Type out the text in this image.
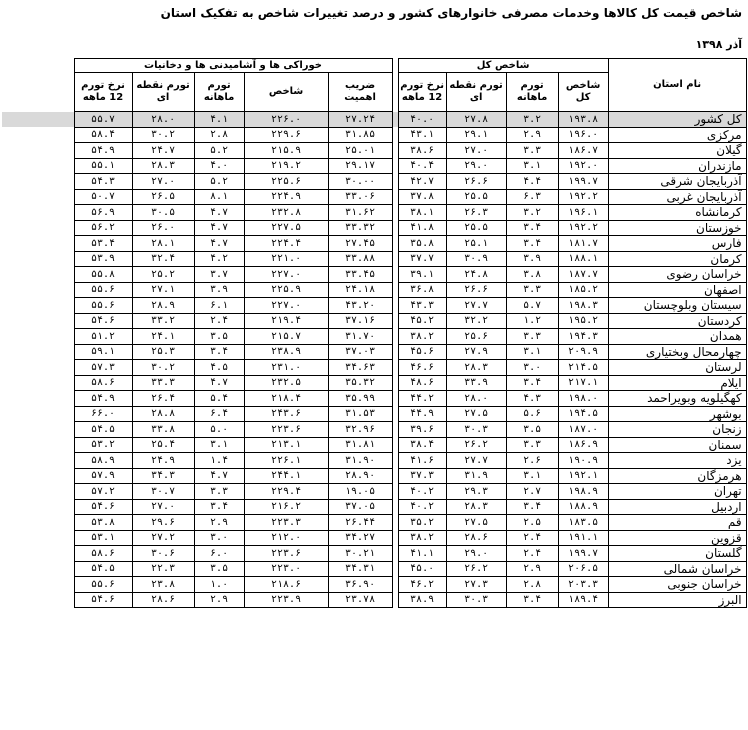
شاخص قیمت کل کالاها وخدمات مصرفی خانوارهای کشور و درصد تغییرات شاخص به تفکیک استان
آذر ۱۳۹۸
نام استان	شاخص کل					خوراکی ها و آشامیدنی ها و دخانیات					
	شاخص کل	تورم ماهانه	تورم نقطه ای	نرخ تورم 12 ماهه		ضریب اهمیت	شاخص	تورم ماهانه	تورم نقطه ای	نرخ تورم 12 ماهه	
کل کشور	۱۹۳.۸	۳.۲	۲۷.۸	۴۰.۰		۲۷.۲۴	۲۲۶.۰	۴.۱	۲۸.۰	۵۵.۷	
مرکزی	۱۹۶.۰	۲.۹	۲۹.۱	۴۳.۱		۳۱.۸۵	۲۲۹.۶	۲.۸	۳۰.۲	۵۸.۴	
گیلان	۱۸۶.۷	۳.۳	۲۷.۰	۳۸.۶		۲۵.۰۱	۲۱۵.۹	۵.۲	۲۴.۷	۵۴.۹	
مازندران	۱۹۲.۰	۳.۱	۲۹.۰	۴۰.۴		۲۹.۱۷	۲۱۹.۲	۴.۰	۲۸.۳	۵۵.۱	
آذربایجان شرقی	۱۹۹.۷	۴.۴	۲۶.۶	۴۲.۷		۳۰.۰۰	۲۲۵.۶	۵.۲	۲۷.۰	۵۴.۳	
آذربایجان غربی	۱۹۲.۲	۶.۳	۲۵.۵	۳۷.۸		۳۳.۰۶	۲۲۴.۹	۸.۱	۲۶.۵	۵۰.۷	
کرمانشاه	۱۹۶.۱	۳.۲	۲۶.۳	۳۸.۱		۳۱.۶۲	۲۳۲.۸	۴.۷	۳۰.۵	۵۶.۹	
خوزستان	۱۹۲.۲	۳.۴	۲۵.۵	۴۱.۸		۳۳.۳۲	۲۲۷.۵	۴.۷	۲۶.۰	۵۶.۲	
فارس	۱۸۱.۷	۳.۴	۲۵.۱	۳۵.۸		۲۷.۴۵	۲۲۴.۴	۴.۷	۲۸.۱	۵۳.۴	
کرمان	۱۸۸.۱	۳.۹	۳۰.۹	۳۷.۷		۳۳.۸۸	۲۲۱.۰	۴.۲	۳۲.۴	۵۳.۹	
خراسان رضوی	۱۸۷.۷	۳.۸	۲۴.۸	۳۹.۱		۳۳.۴۵	۲۲۷.۰	۳.۷	۲۵.۲	۵۵.۸	
اصفهان	۱۸۵.۲	۳.۳	۲۶.۶	۳۶.۸		۲۴.۱۸	۲۲۵.۹	۳.۹	۲۷.۱	۵۵.۶	
سیستان وبلوچستان	۱۹۸.۳	۵.۷	۲۷.۷	۴۳.۳		۴۳.۲۰	۲۲۷.۰	۶.۱	۲۸.۹	۵۵.۶	
کردستان	۱۹۵.۲	۱.۲	۳۲.۲	۴۵.۲		۳۷.۱۶	۲۱۹.۴	۲.۴	۳۳.۲	۵۴.۶	
همدان	۱۹۴.۳	۳.۳	۲۵.۶	۳۸.۲		۳۱.۷۰	۲۱۵.۷	۳.۵	۲۴.۱	۵۱.۲	
چهارمحال وبختیاری	۲۰۹.۹	۳.۱	۲۷.۹	۴۵.۶		۳۷.۰۳	۲۳۸.۹	۳.۴	۲۵.۳	۵۹.۱	
لرستان	۲۱۴.۵	۳.۰	۲۸.۳	۴۶.۶		۳۴.۶۳	۲۳۱.۰	۴.۵	۳۰.۲	۵۷.۳	
ایلام	۲۱۷.۱	۳.۴	۳۳.۹	۴۸.۶		۳۵.۳۲	۲۳۲.۵	۴.۷	۳۳.۳	۵۸.۶	
کهگیلویه وبویراحمد	۱۹۸.۰	۴.۳	۲۸.۰	۴۴.۲		۳۵.۹۹	۲۱۸.۴	۵.۴	۲۶.۴	۵۴.۹	
بوشهر	۱۹۴.۵	۵.۶	۲۷.۵	۴۴.۹		۳۱.۵۳	۲۴۳.۶	۶.۴	۲۸.۸	۶۶.۰	
زنجان	۱۸۷.۰	۳.۵	۳۰.۳	۳۹.۶		۳۲.۹۶	۲۲۳.۶	۵.۰	۳۳.۸	۵۴.۵	
سمنان	۱۸۶.۹	۳.۳	۲۶.۲	۳۸.۴		۳۱.۸۱	۲۱۳.۱	۳.۱	۲۵.۴	۵۳.۲	
یزد	۱۹۰.۹	۲.۶	۲۷.۷	۴۱.۶		۳۱.۹۰	۲۲۶.۱	۱.۴	۲۴.۹	۵۸.۹	
هرمزگان	۱۹۲.۱	۳.۱	۳۱.۹	۳۷.۳		۲۸.۹۰	۲۴۴.۱	۴.۷	۳۴.۳	۵۷.۹	
تهران	۱۹۸.۹	۲.۷	۲۹.۳	۴۰.۲		۱۹.۰۵	۲۲۹.۴	۳.۳	۳۰.۷	۵۷.۲	
اردبیل	۱۸۸.۹	۳.۴	۲۸.۳	۴۰.۲		۳۷.۰۵	۲۱۶.۲	۳.۴	۲۷.۰	۵۴.۶	
قم	۱۸۳.۵	۲.۵	۲۷.۵	۳۵.۲		۲۶.۴۴	۲۲۳.۳	۲.۹	۲۹.۶	۵۳.۸	
قزوین	۱۹۱.۱	۲.۴	۲۸.۶	۳۸.۲		۳۴.۲۷	۲۱۲.۰	۳.۰	۲۷.۲	۵۳.۱	
گلستان	۱۹۹.۷	۲.۴	۲۹.۰	۴۱.۱		۳۰.۲۱	۲۲۳.۶	۶.۰	۳۰.۶	۵۸.۶	
خراسان شمالی	۲۰۶.۵	۲.۹	۲۶.۲	۴۵.۰		۳۴.۳۱	۲۲۳.۰	۳.۵	۲۲.۳	۵۴.۵	
خراسان جنوبی	۲۰۳.۳	۲.۸	۲۷.۳	۴۶.۲		۳۶.۹۰	۲۱۸.۶	۱.۰	۲۳.۸	۵۵.۶	
البرز	۱۸۹.۴	۳.۴	۳۰.۳	۳۸.۹		۲۳.۷۸	۲۲۳.۹	۲.۹	۲۸.۶	۵۴.۶	
